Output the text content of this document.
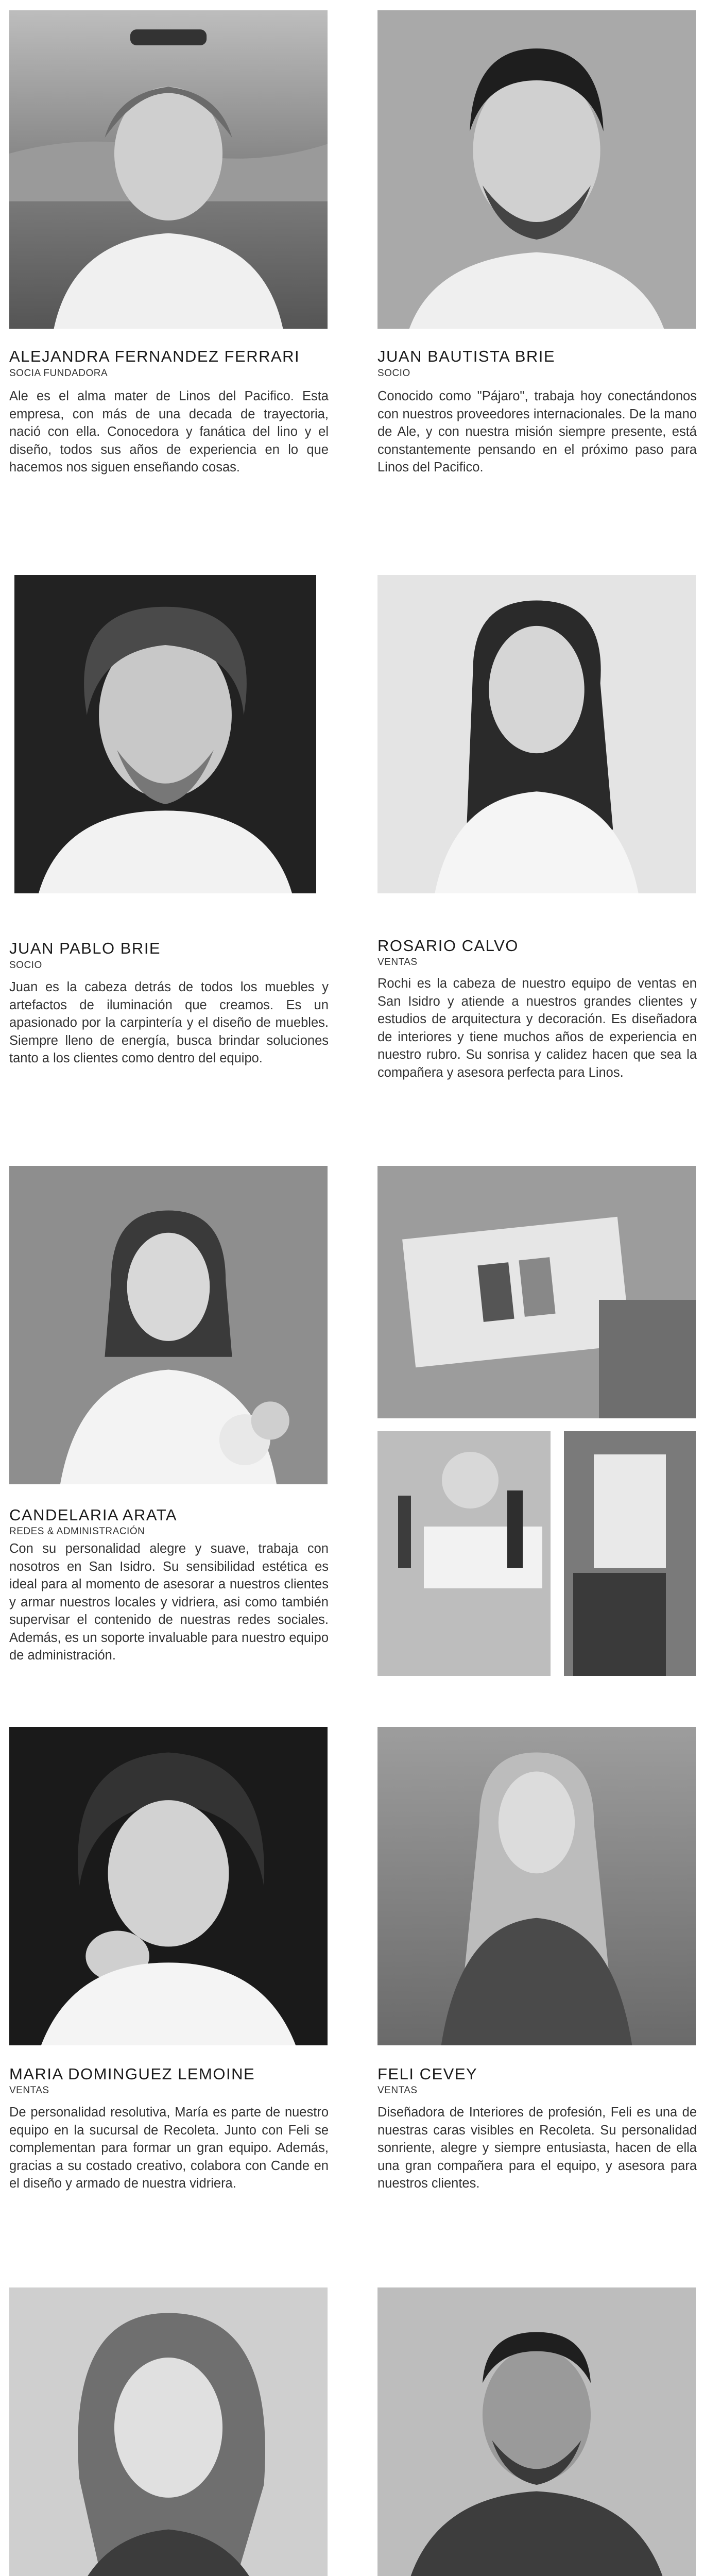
ALEJANDRA FERNANDEZ FERRARI
SOCIA FUNDADORA
Ale es el alma mater de Linos del Pacifico. Esta empresa, con más de una decada de trayectoria, nació con ella. Conocedora y fanática del lino y el diseño, todos sus años de experiencia en lo que hacemos nos siguen enseñando cosas.
JUAN BAUTISTA BRIE
SOCIO
Conocido como "Pájaro", trabaja hoy conectándonos con nuestros proveedores internacionales. De la mano de Ale, y con nuestra misión siempre presente, está constantemente pensando en el próximo paso para Linos del Pacifico.
JUAN PABLO BRIE
SOCIO
Juan es la cabeza detrás de todos los muebles y artefactos de iluminación que creamos. Es un apasionado por la carpintería y el diseño de muebles. Siempre lleno de energía, busca brindar soluciones tanto a los clientes como dentro del equipo.
ROSARIO CALVO
VENTAS
Rochi es la cabeza de nuestro equipo de ventas en San Isidro y atiende a nuestros grandes clientes y estudios de arquitectura y decoración. Es diseñadora de interiores y tiene muchos años de experiencia en nuestro rubro. Su sonrisa y calidez hacen que sea la compañera y asesora perfecta para Linos.
CANDELARIA ARATA
REDES & ADMINISTRACIÓN
Con su personalidad alegre y suave, trabaja con nosotros en San Isidro. Su sensibilidad estética es ideal para al momento de asesorar a nuestros clientes y armar nuestros locales y vidriera, asi como también supervisar el contenido de nuestras redes sociales. Además, es un soporte invaluable para nuestro equipo de administración.
MARIA DOMINGUEZ LEMOINE
VENTAS
De personalidad resolutiva, María es parte de nuestro equipo en la sucursal de Recoleta. Junto con Feli se complementan para formar un gran equipo. Además, gracias a su costado creativo, colabora con Cande en el diseño y armado de nuestra vidriera.
FELI CEVEY
VENTAS
Diseñadora de Interiores de profesión, Feli es una de nuestras caras visibles en Recoleta. Su personalidad sonriente, alegre y siempre entusiasta, hacen de ella una gran compañera para el equipo, y asesora para nuestros clientes.
